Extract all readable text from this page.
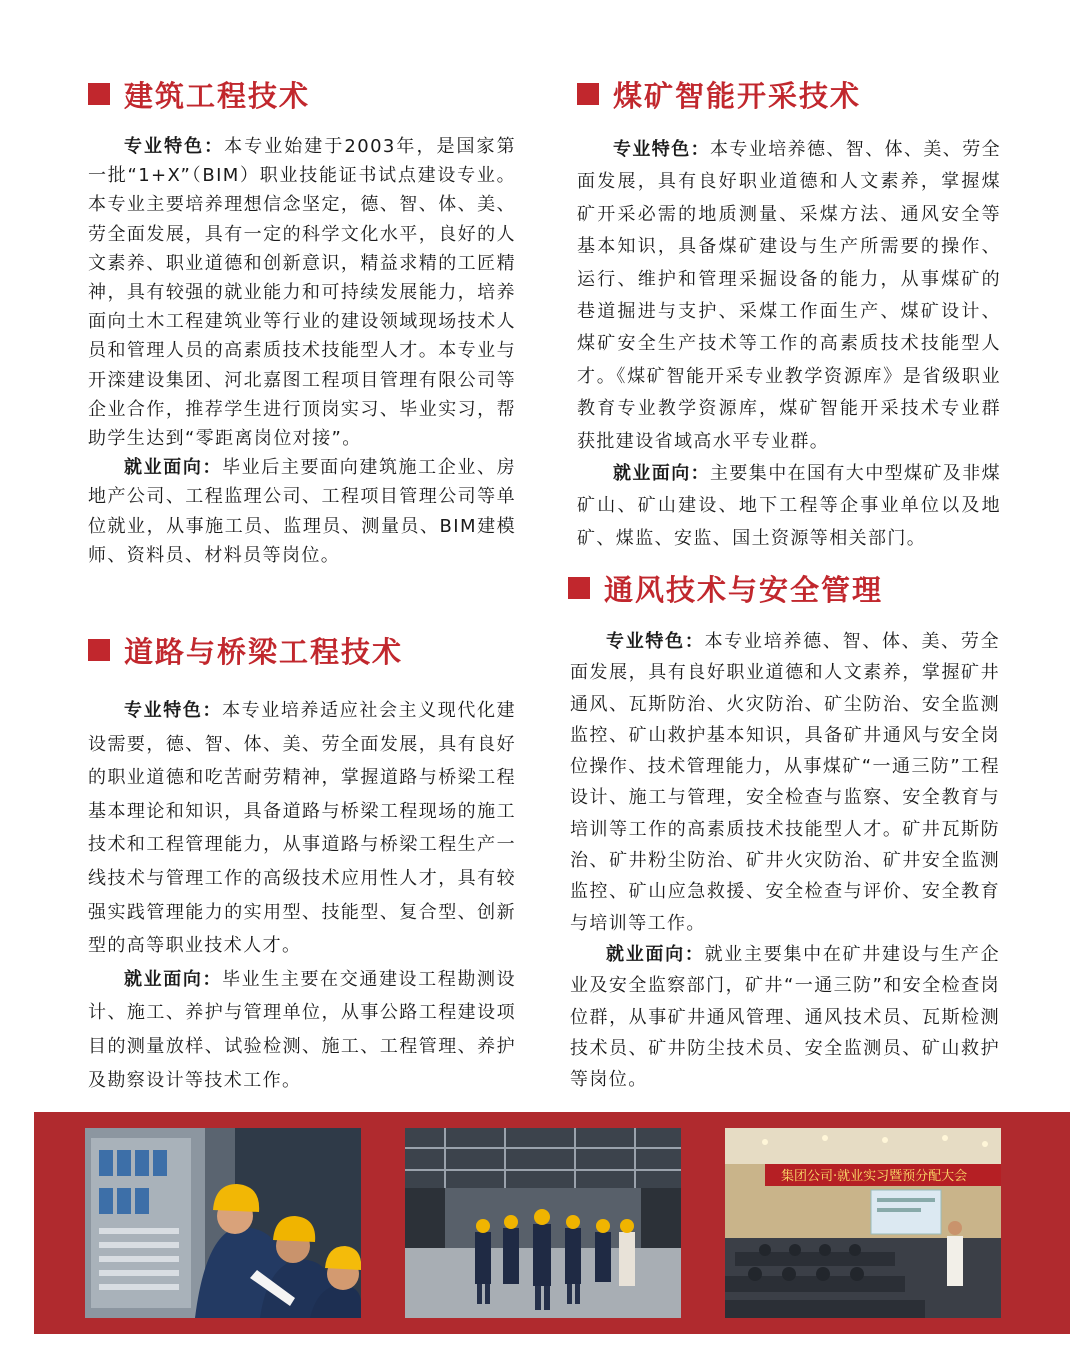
建筑工程技术

专业特色：本专业始建于2003年，是国家第一批“1+X”（BIM）职业技能证书试点建设专业。本专业主要培养理想信念坚定，德、智、体、美、劳全面发展，具有一定的科学文化水平，良好的人文素养、职业道德和创新意识，精益求精的工匠精神，具有较强的就业能力和可持续发展能力，培养面向土木工程建筑业等行业的建设领域现场技术人员和管理人员的高素质技术技能型人才。本专业与开滦建设集团、河北嘉图工程项目管理有限公司等企业合作，推荐学生进行顶岗实习、毕业实习，帮助学生达到“零距离岗位对接”。

就业面向：毕业后主要面向建筑施工企业、房地产公司、工程监理公司、工程项目管理公司等单位就业，从事施工员、监理员、测量员、BIM建模师、资料员、材料员等岗位。

道路与桥梁工程技术

专业特色：本专业培养适应社会主义现代化建设需要，德、智、体、美、劳全面发展，具有良好的职业道德和吃苦耐劳精神，掌握道路与桥梁工程基本理论和知识，具备道路与桥梁工程现场的施工技术和工程管理能力，从事道路与桥梁工程生产一线技术与管理工作的高级技术应用性人才，具有较强实践管理能力的实用型、技能型、复合型、创新型的高等职业技术人才。

就业面向：毕业生主要在交通建设工程勘测设计、施工、养护与管理单位，从事公路工程建设项目的测量放样、试验检测、施工、工程管理、养护及勘察设计等技术工作。

煤矿智能开采技术

专业特色：本专业培养德、智、体、美、劳全面发展，具有良好职业道德和人文素养，掌握煤矿开采必需的地质测量、采煤方法、通风安全等基本知识，具备煤矿建设与生产所需要的操作、运行、维护和管理采掘设备的能力，从事煤矿的巷道掘进与支护、采煤工作面生产、煤矿设计、煤矿安全生产技术等工作的高素质技术技能型人才。《煤矿智能开采专业教学资源库》是省级职业教育专业教学资源库，煤矿智能开采技术专业群获批建设省域高水平专业群。

就业面向：主要集中在国有大中型煤矿及非煤矿山、矿山建设、地下工程等企事业单位以及地矿、煤监、安监、国土资源等相关部门。

通风技术与安全管理

专业特色：本专业培养德、智、体、美、劳全面发展，具有良好职业道德和人文素养，掌握矿井通风、瓦斯防治、火灾防治、矿尘防治、安全监测监控、矿山救护基本知识，具备矿井通风与安全岗位操作、技术管理能力，从事煤矿“一通三防”工程设计、施工与管理，安全检查与监察、安全教育与培训等工作的高素质技术技能型人才。矿井瓦斯防治、矿井粉尘防治、矿井火灾防治、矿井安全监测监控、矿山应急救援、安全检查与评价、安全教育与培训等工作。

就业面向：就业主要集中在矿井建设与生产企业及安全监察部门，矿井“一通三防”和安全检查岗位群，从事矿井通风管理、通风技术员、瓦斯检测技术员、矿井防尘技术员、安全监测员、矿山救护等岗位。

集团公司·就业实习暨预分配大会
